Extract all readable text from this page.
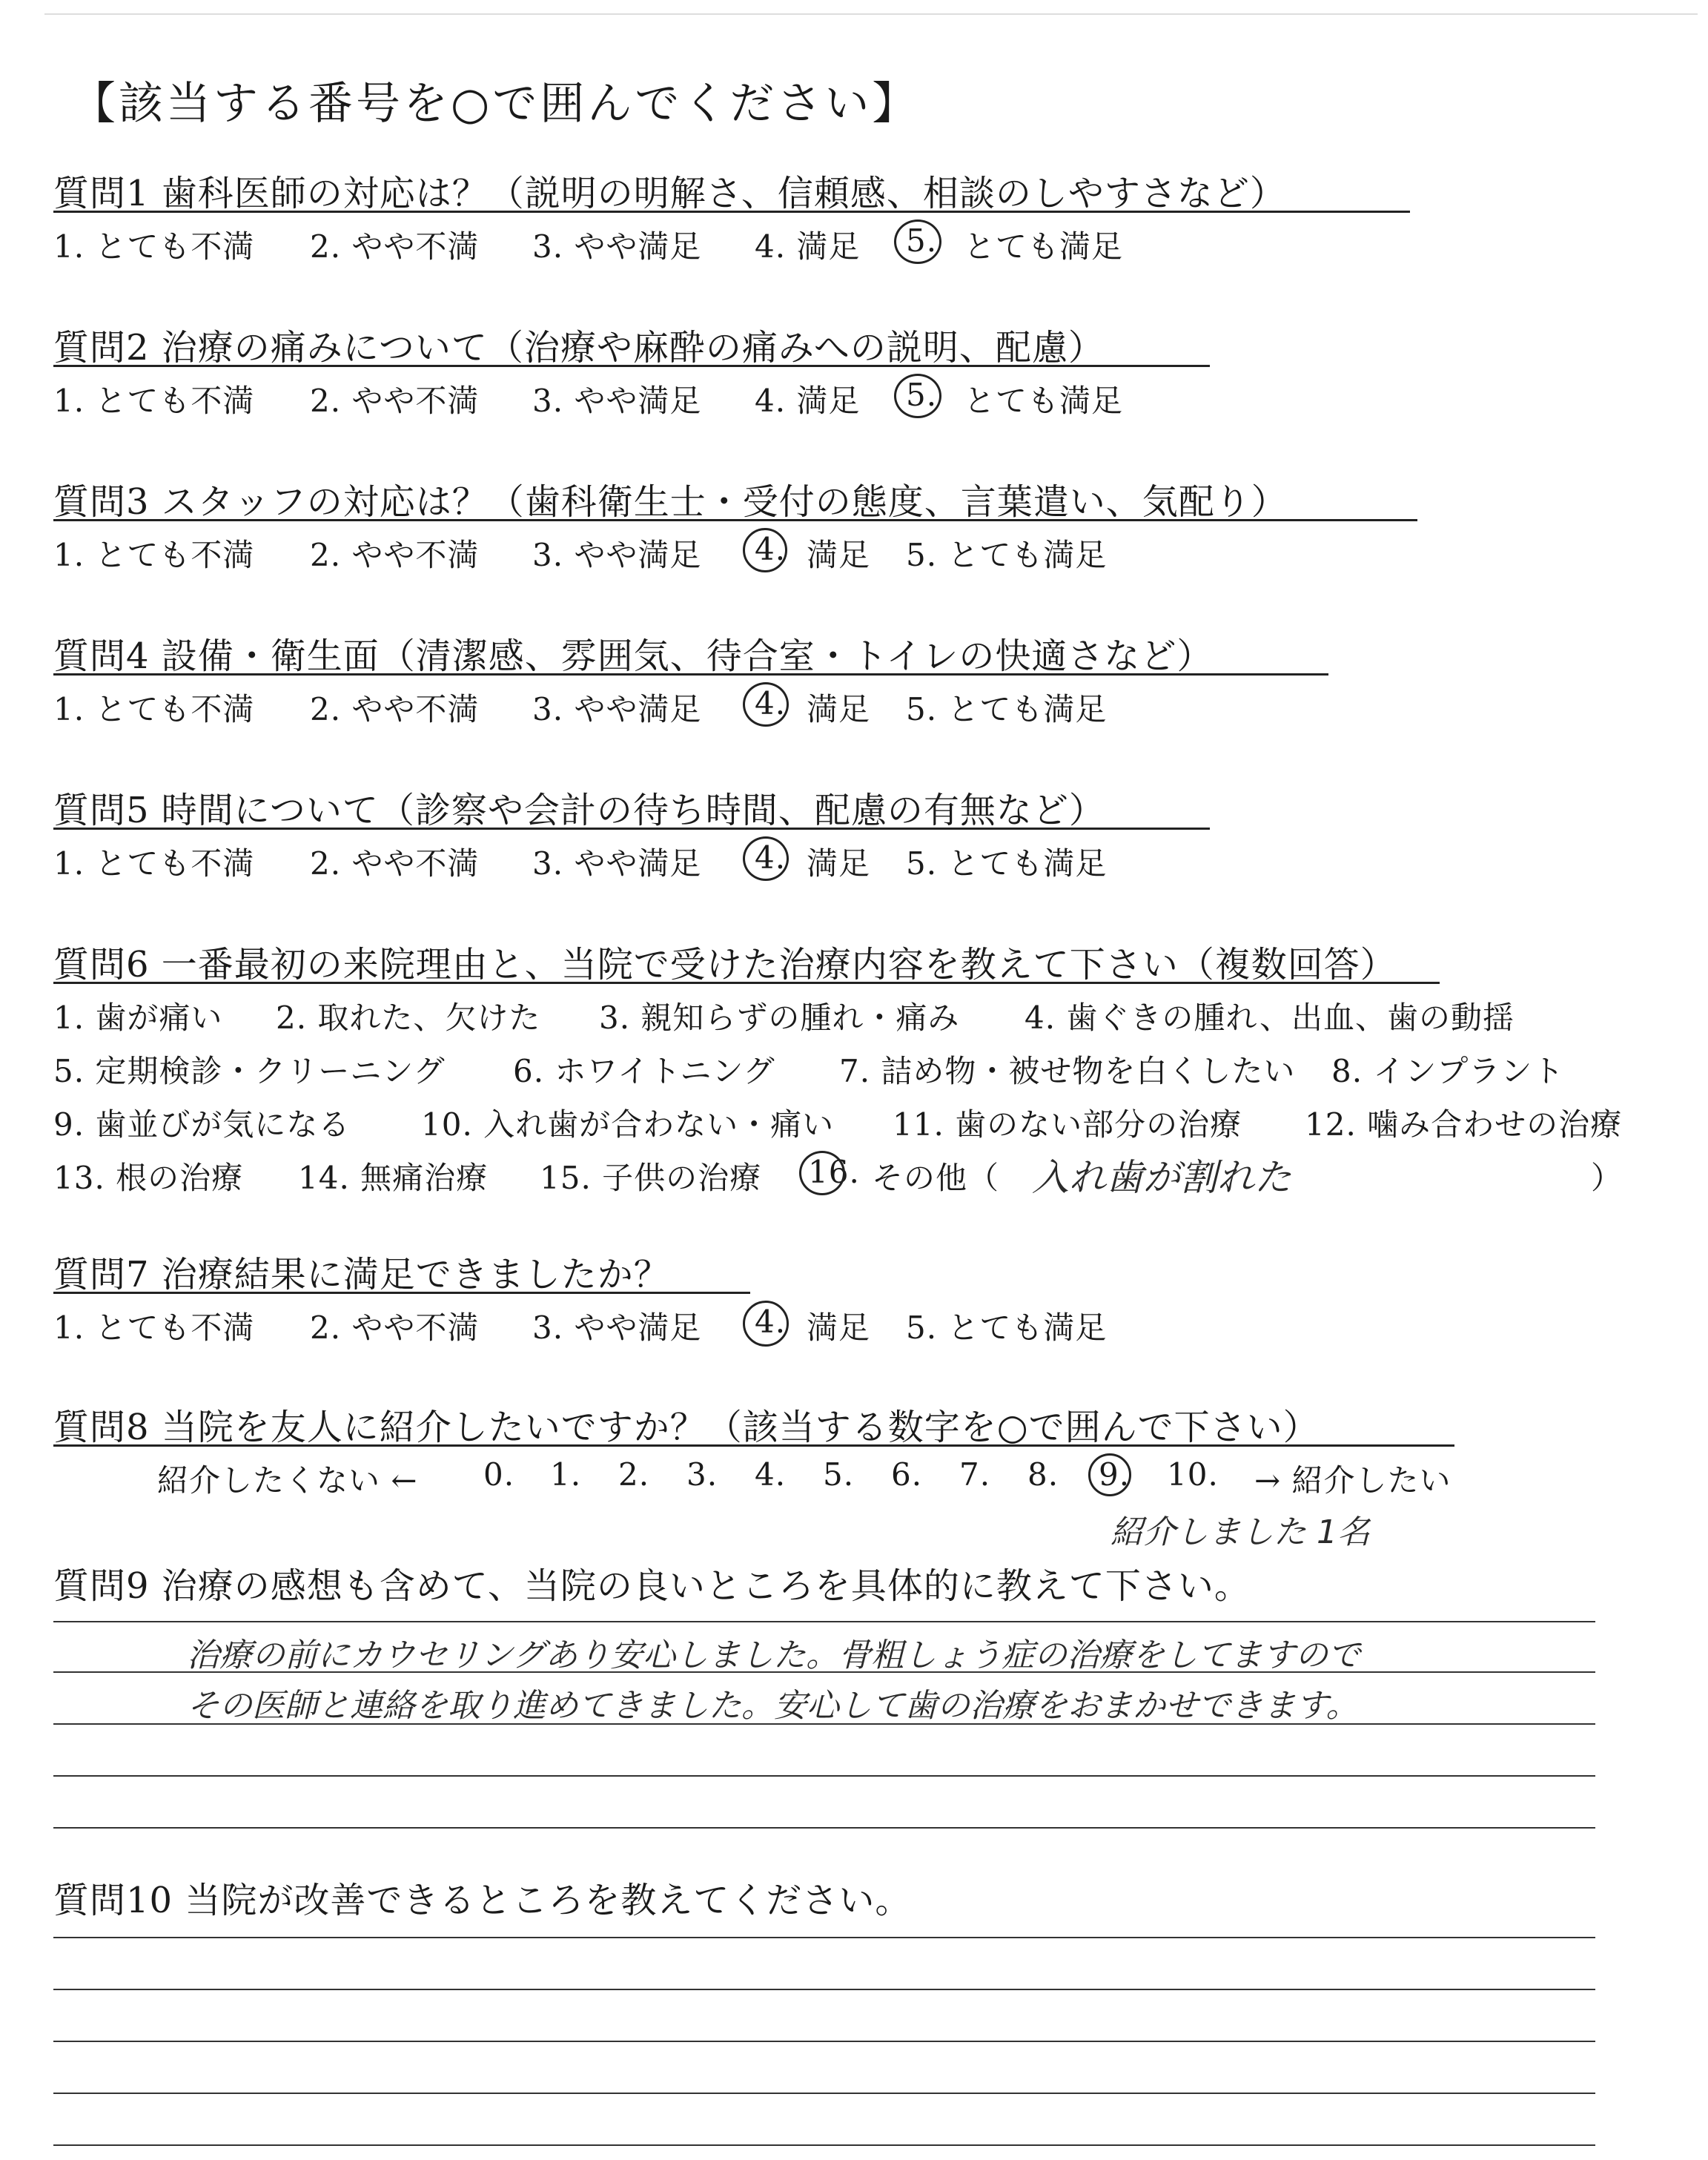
【該当する番号を○で囲んでください】
質問1 歯科医師の対応は？（説明の明解さ、信頼感、相談のしやすさなど）
1. とても不満 2. やや不満 3. やや満足 4. 満足 5. とても満足
質問2 治療の痛みについて（治療や麻酔の痛みへの説明、配慮）
1. とても不満 2. やや不満 3. やや満足 4. 満足 5. とても満足
質問3 スタッフの対応は？（歯科衛生士・受付の態度、言葉遣い、気配り）
1. とても不満 2. やや不満 3. やや満足 4. 満足 5. とても満足
質問4 設備・衛生面（清潔感、雰囲気、待合室・トイレの快適さなど）
1. とても不満 2. やや不満 3. やや満足 4. 満足 5. とても満足
質問5 時間について（診察や会計の待ち時間、配慮の有無など）
1. とても不満 2. やや不満 3. やや満足 4. 満足 5. とても満足
質問6 一番最初の来院理由と、当院で受けた治療内容を教えて下さい（複数回答）
1. 歯が痛い 2. 取れた、欠けた 3. 親知らずの腫れ・痛み 4. 歯ぐきの腫れ、出血、歯の動揺
5. 定期検診・クリーニング 6. ホワイトニング 7. 詰め物・被せ物を白くしたい 8. インプラント
9. 歯並びが気になる 10. 入れ歯が合わない・痛い 11. 歯のない部分の治療 12. 噛み合わせの治療
13. 根の治療 14. 無痛治療 15. 子供の治療 16. その他（ 入れ歯が割れた	）
質問7 治療結果に満足できましたか？
1. とても不満 2. やや不満 3. やや満足 4. 満足 5. とても満足
質問8 当院を友人に紹介したいですか？（該当する数字を○で囲んで下さい）
紹介したくない ← 0. 1. 2. 3. 4. 5. 6. 7. 8. 9. 10. → 紹介したい
紹介しました 1名
質問9 治療の感想も含めて、当院の良いところを具体的に教えて下さい。
治療の前にカウセリングあり安心しました。骨粗しょう症の治療をしてますので
その医師と連絡を取り進めてきました。安心して歯の治療をおまかせできます。
質問10 当院が改善できるところを教えてください。
